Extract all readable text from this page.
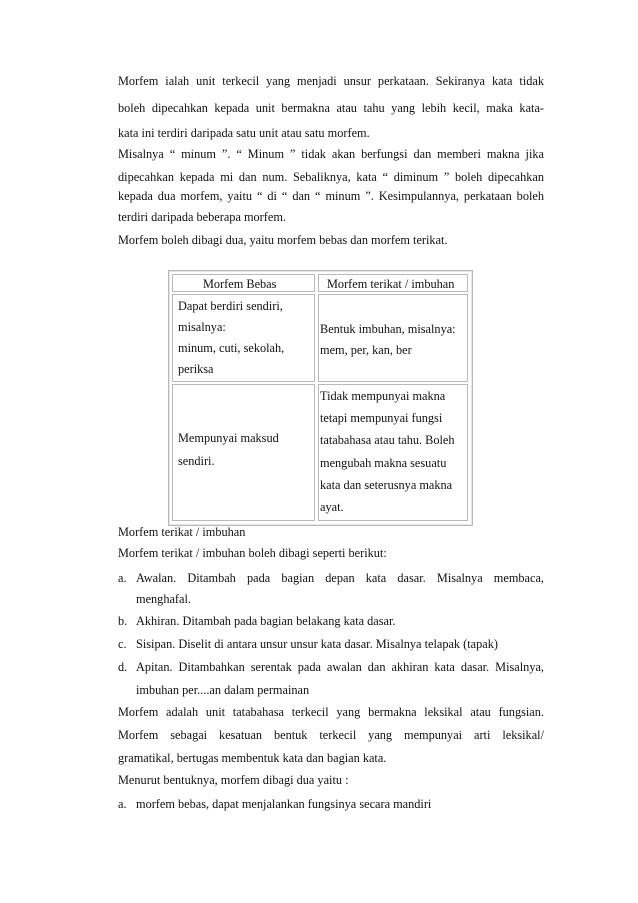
Morfem ialah unit terkecil yang menjadi unsur perkataan. Sekiranya kata tidak
boleh dipecahkan kepada unit bermakna atau tahu yang lebih kecil, maka kata-
kata ini terdiri daripada satu unit atau satu morfem.
Misalnya “ minum ”. “ Minum ” tidak akan berfungsi dan memberi makna jika
dipecahkan kepada mi dan num. Sebaliknya, kata “ diminum ” boleh dipecahkan
kepada dua morfem, yaitu “ di “ dan “ minum ”. Kesimpulannya, perkataan boleh
terdiri daripada beberapa morfem.
Morfem boleh dibagi dua, yaitu morfem bebas dan morfem terikat.
Morfem Bebas	Morfem terikat / imbuhan
Dapat berdiri sendiri,
misalnya:
minum, cuti, sekolah,
periksa
Bentuk imbuhan, misalnya:
mem, per, kan, ber
Mempunyai maksud
sendiri.
Tidak mempunyai makna
tetapi mempunyai fungsi
tatabahasa atau tahu. Boleh
mengubah makna sesuatu
kata dan seterusnya makna
ayat.
Morfem terikat / imbuhan
Morfem terikat / imbuhan boleh dibagi seperti berikut:
a. Awalan. Ditambah pada bagian depan kata dasar. Misalnya membaca,
menghafal.
b. Akhiran. Ditambah pada bagian belakang kata dasar.
c. Sisipan. Diselit di antara unsur unsur kata dasar. Misalnya telapak (tapak)
d. Apitan. Ditambahkan serentak pada awalan dan akhiran kata dasar. Misalnya,
imbuhan per....an dalam permainan
Morfem adalah unit tatabahasa terkecil yang bermakna leksikal atau fungsian.
Morfem sebagai kesatuan bentuk terkecil yang mempunyai arti leksikal/
gramatikal, bertugas membentuk kata dan bagian kata.
Menurut bentuknya, morfem dibagi dua yaitu :
a. morfem bebas, dapat menjalankan fungsinya secara mandiri
